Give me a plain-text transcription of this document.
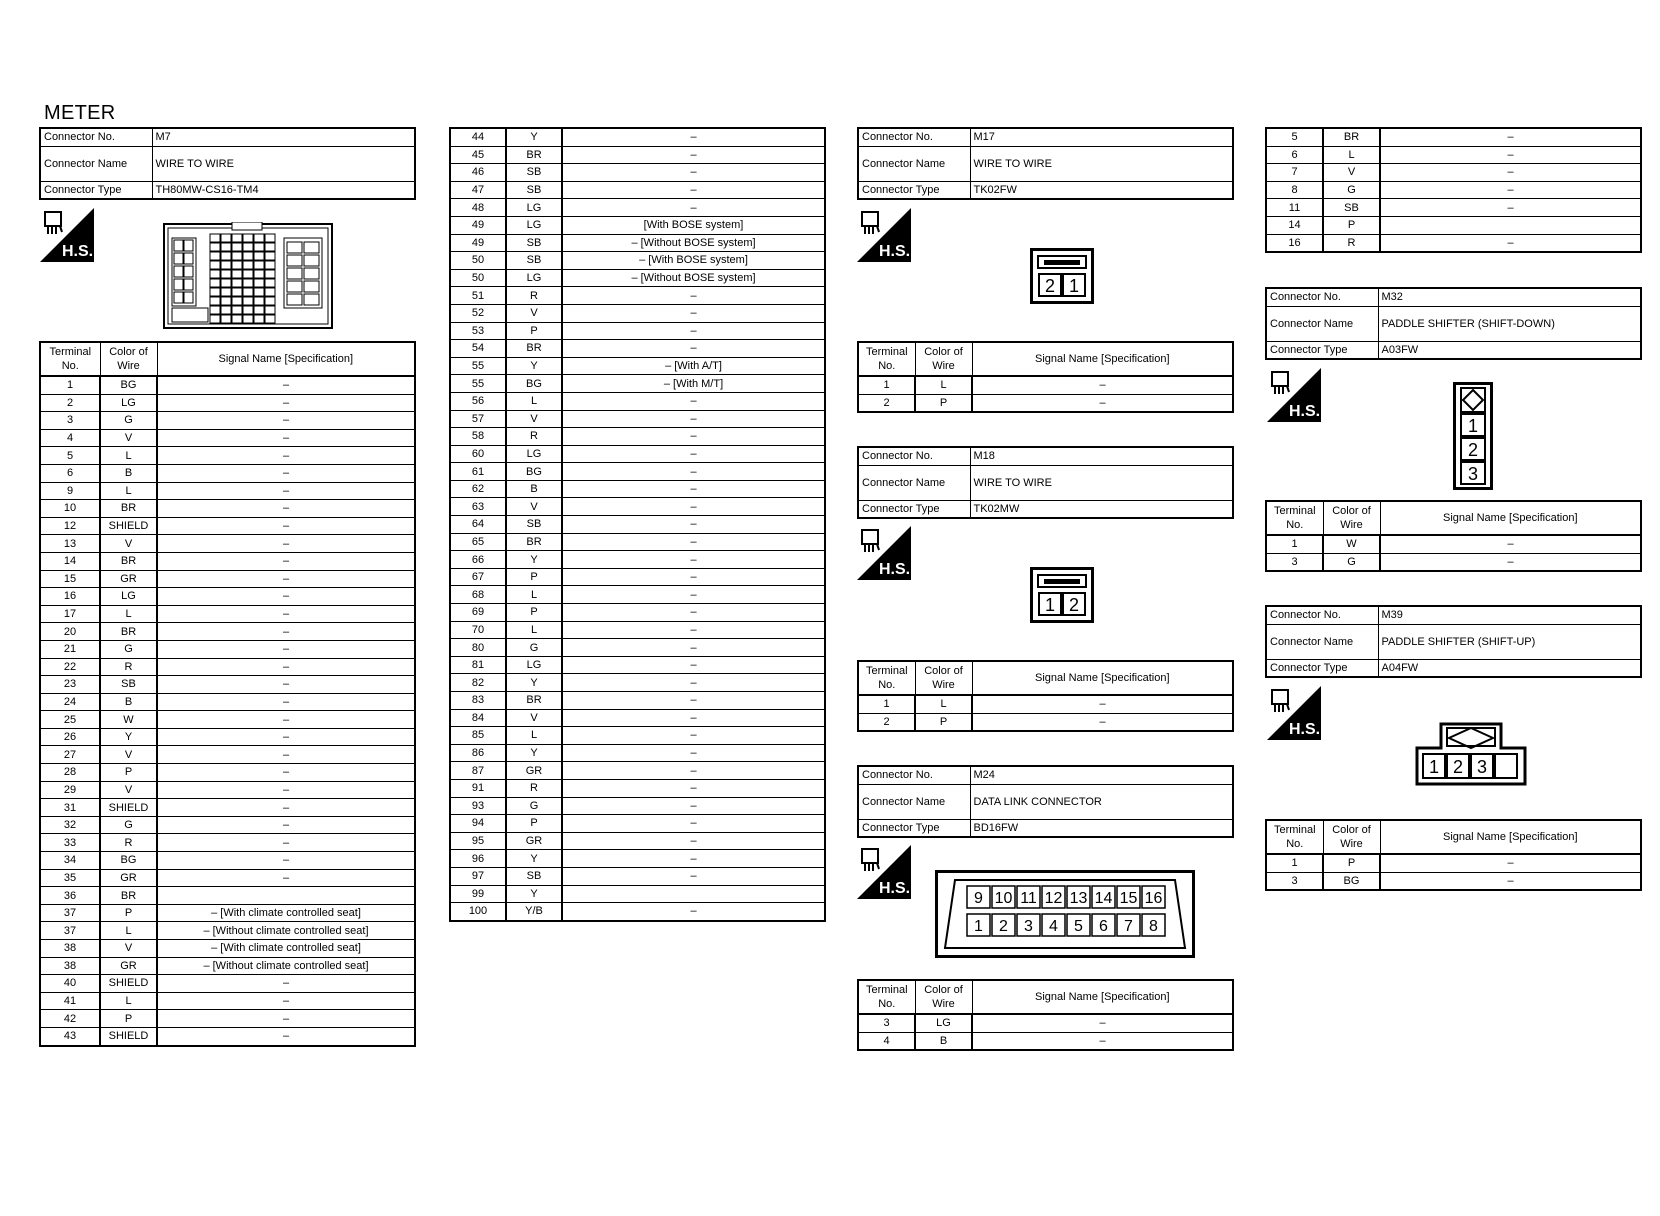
METER
Connector No.	M7
Connector Name	WIRE TO WIRE
Connector Type	TH80MW-CS16-TM4
H.S.
Terminal No.	Color of Wire	Signal Name [Specification]
1	BG	–
2	LG	–
3	G	–
4	V	–
5	L	–
6	B	–
9	L	–
10	BR	–
12	SHIELD	–
13	V	–
14	BR	–
15	GR	–
16	LG	–
17	L	–
20	BR	–
21	G	–
22	R	–
23	SB	–
24	B	–
25	W	–
26	Y	–
27	V	–
28	P	–
29	V	–
31	SHIELD	–
32	G	–
33	R	–
34	BG	–
35	GR	–
36	BR	
37	P	– [With climate controlled seat]
37	L	– [Without climate controlled seat]
38	V	– [With climate controlled seat]
38	GR	– [Without climate controlled seat]
40	SHIELD	–
41	L	–
42	P	–
43	SHIELD	–
44	Y	–
45	BR	–
46	SB	–
47	SB	–
48	LG	–
49	LG	[With BOSE system]
49	SB	– [Without BOSE system]
50	SB	– [With BOSE system]
50	LG	– [Without BOSE system]
51	R	–
52	V	–
53	P	–
54	BR	–
55	Y	– [With A/T]
55	BG	– [With M/T]
56	L	–
57	V	–
58	R	–
60	LG	–
61	BG	–
62	B	–
63	V	–
64	SB	–
65	BR	–
66	Y	–
67	P	–
68	L	–
69	P	–
70	L	–
80	G	–
81	LG	–
82	Y	–
83	BR	–
84	V	–
85	L	–
86	Y	–
87	GR	–
91	R	–
93	G	–
94	P	–
95	GR	–
96	Y	–
97	SB	–
99	Y	
100	Y/B	–
Connector No.	M17
Connector Name	WIRE TO WIRE
Connector Type	TK02FW
H.S.
2 1
Terminal No.	Color of Wire	Signal Name [Specification]
1	L	–
2	P	–
Connector No.	M18
Connector Name	WIRE TO WIRE
Connector Type	TK02MW
H.S.
1 2
Terminal No.	Color of Wire	Signal Name [Specification]
1	L	–
2	P	–
Connector No.	M24
Connector Name	DATA LINK CONNECTOR
Connector Type	BD16FW
H.S.
9 10 11 12 13 14 15 16
1 2 3 4 5 6 7 8
Terminal No.	Color of Wire	Signal Name [Specification]
3	LG	–
4	B	–
5	BR	–
6	L	–
7	V	–
8	G	–
11	SB	–
14	P	
16	R	–
Connector No.	M32
Connector Name	PADDLE SHIFTER (SHIFT-DOWN)
Connector Type	A03FW
H.S.
1
2
3
Terminal No.	Color of Wire	Signal Name [Specification]
1	W	–
3	G	–
Connector No.	M39
Connector Name	PADDLE SHIFTER (SHIFT-UP)
Connector Type	A04FW
H.S.
1 2 3
Terminal No.	Color of Wire	Signal Name [Specification]
1	P	–
3	BG	–
